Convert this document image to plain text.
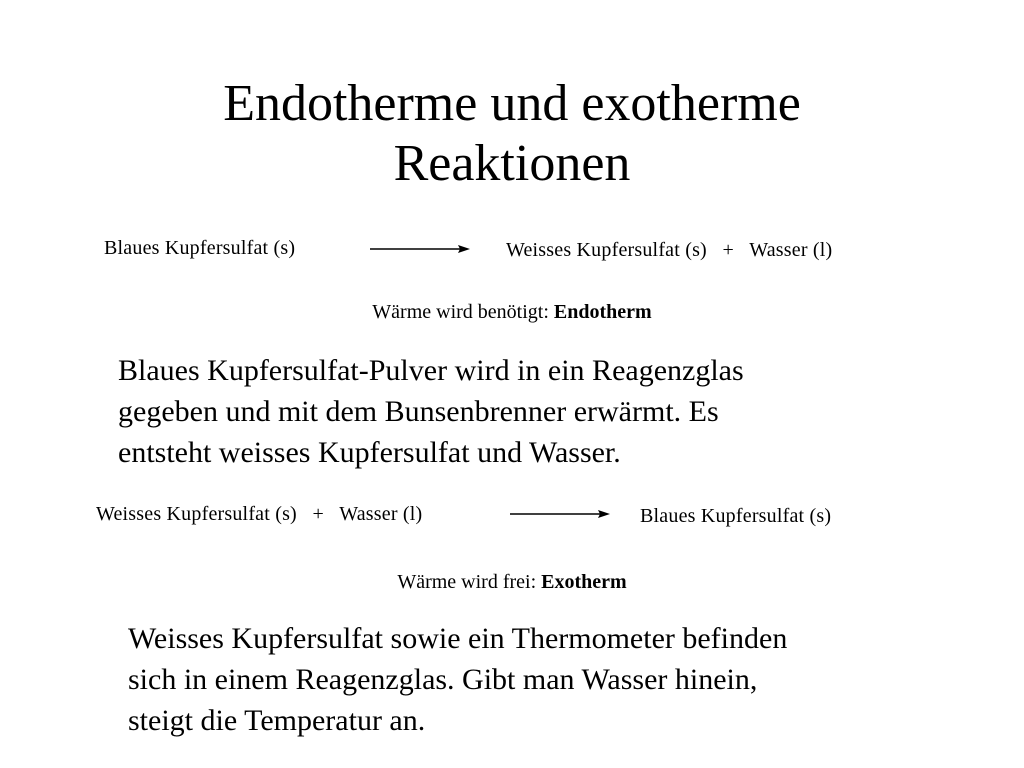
Endotherme und exotherme
Reaktionen
Blaues Kupfersulfat (s)	Weisses Kupfersulfat (s)   +   Wasser (l)
Wärme wird benötigt: Endotherm
Blaues Kupfersulfat-Pulver wird in ein Reagenzglas
gegeben und mit dem Bunsenbrenner erwärmt. Es
entsteht weisses Kupfersulfat und Wasser.
Weisses Kupfersulfat (s)   +   Wasser (l)	Blaues Kupfersulfat (s)
Wärme wird frei: Exotherm
Weisses Kupfersulfat sowie ein Thermometer befinden
sich in einem Reagenzglas. Gibt man Wasser hinein,
steigt die Temperatur an.
